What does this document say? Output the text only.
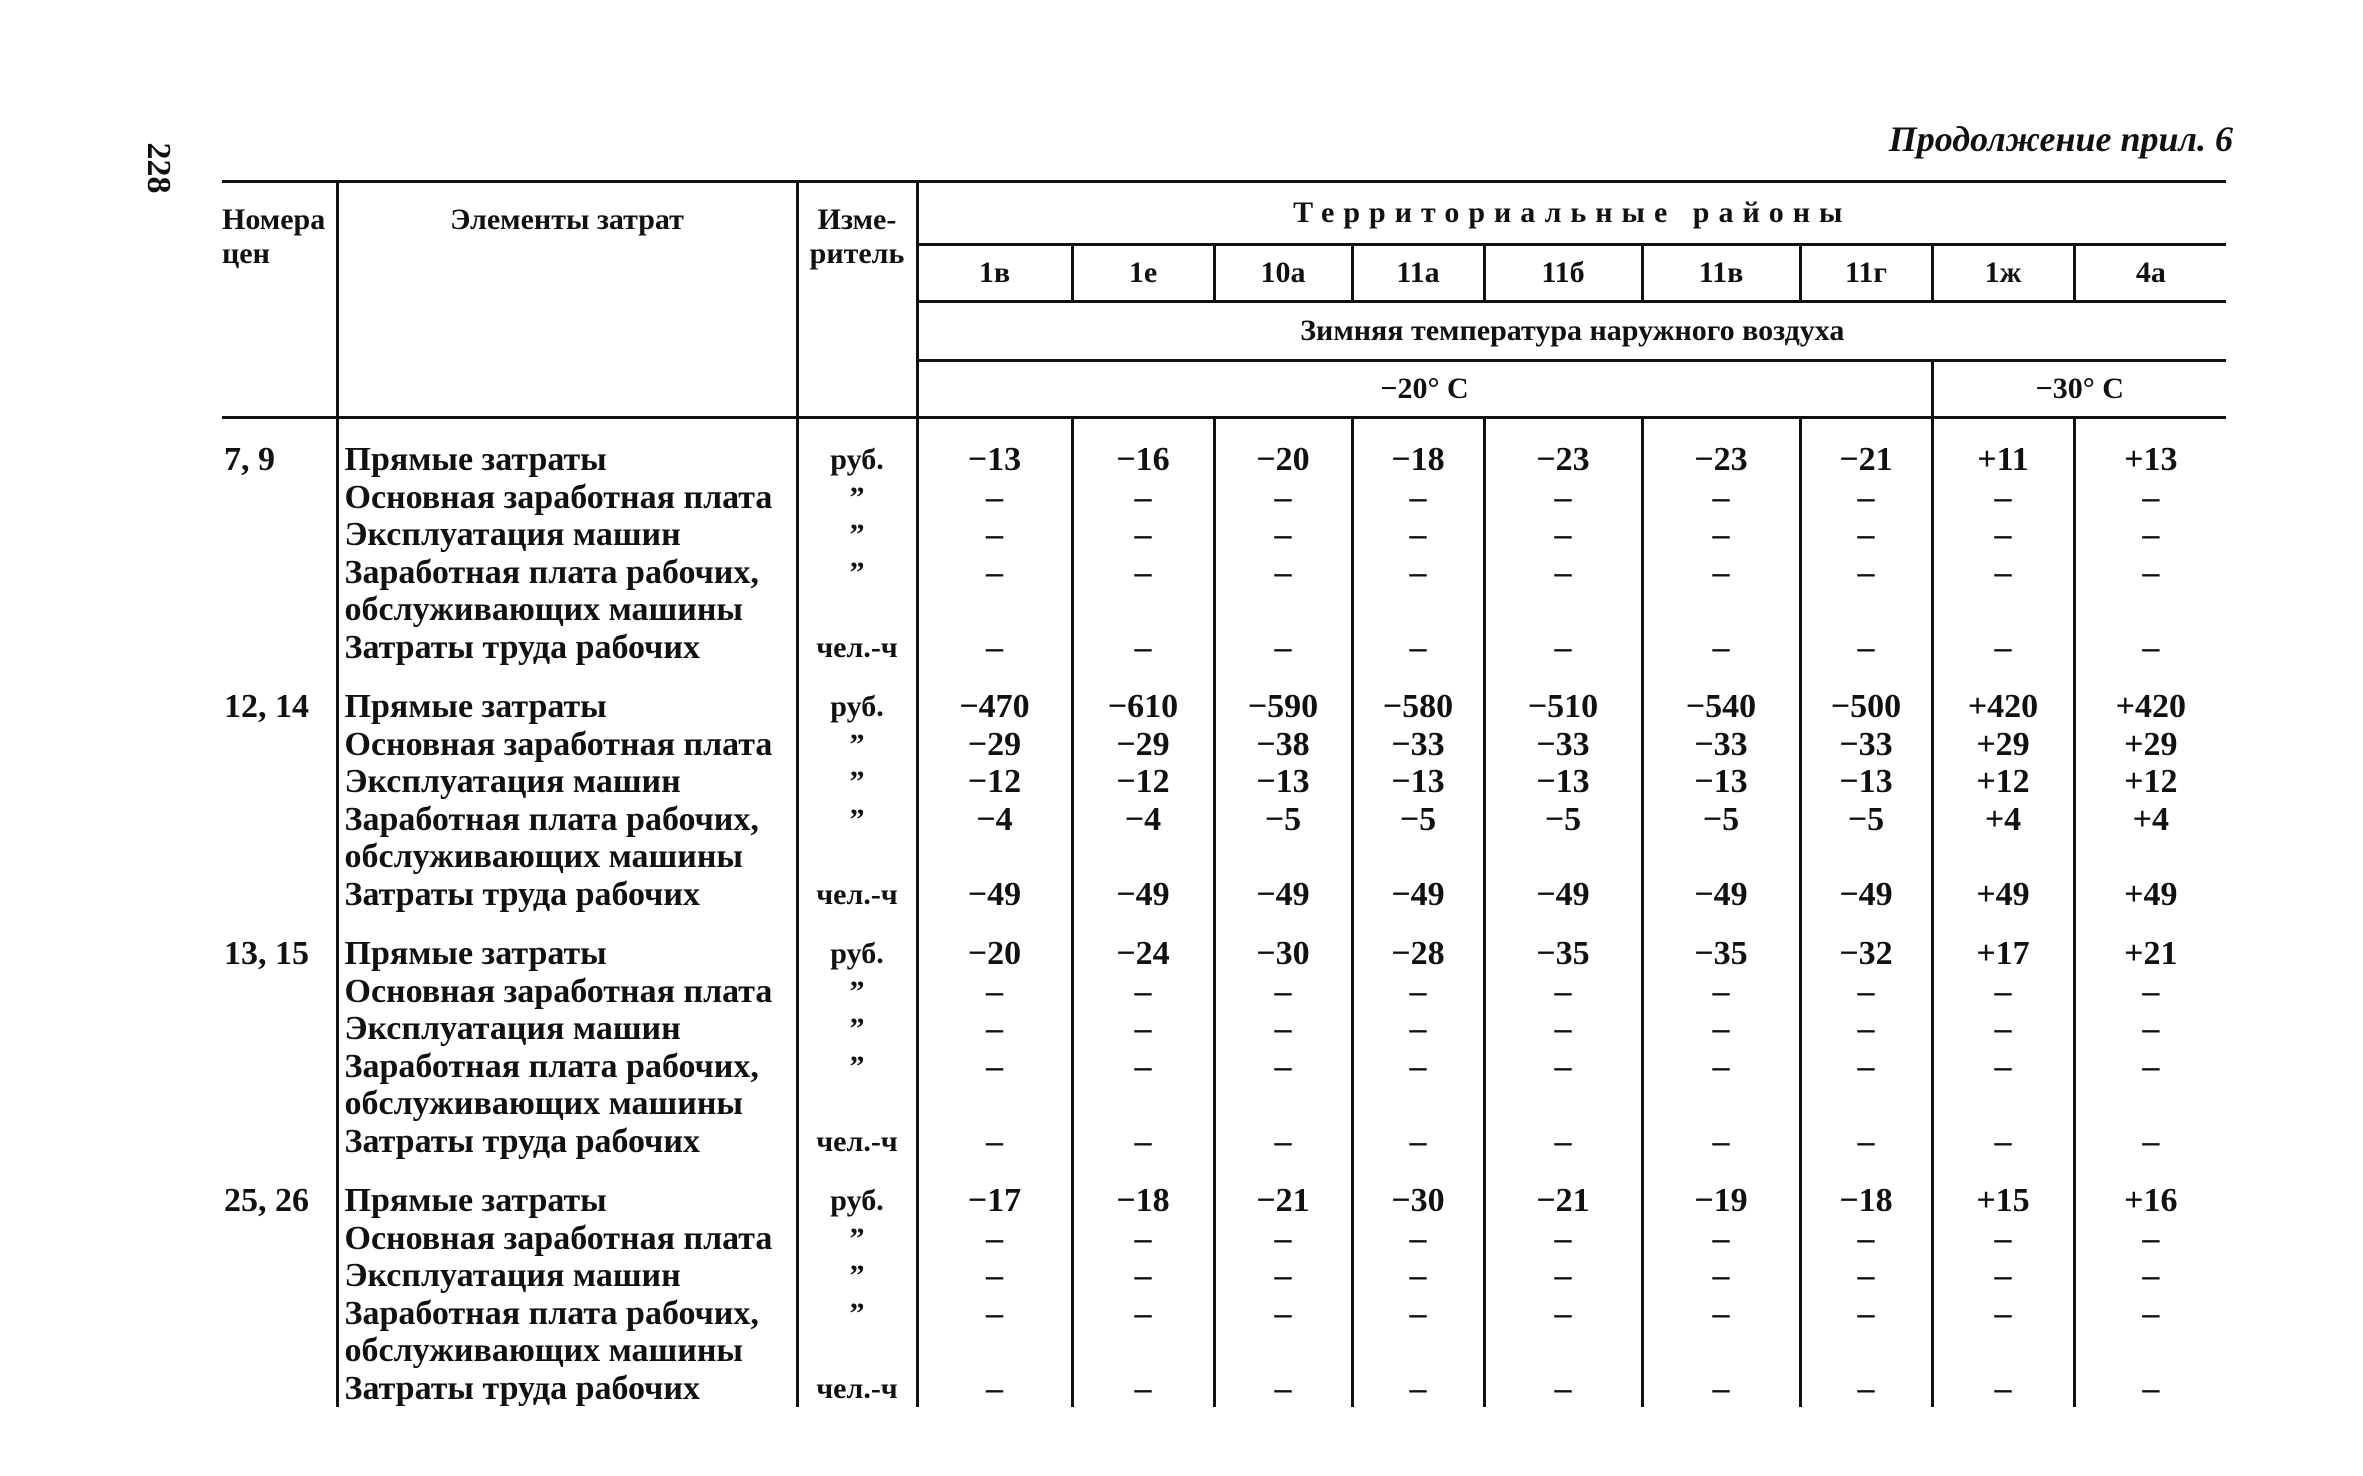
228
Продолжение прил. 6
Номера цен	Элементы затрат	Изме-ритель	Территориальные районы								
			1в	1е	10а	11а	11б	11в	11г	1ж	4а
			Зимняя температура наружного воздуха								
			−20° С							−30° С	
7, 9	Прямые затраты	руб.	−13	−16	−20	−18	−23	−23	−21	+11	+13
	Основная заработная плата	”	–	–	–	–	–	–	–	–	–
	Эксплуатация машин	”	–	–	–	–	–	–	–	–	–
	Заработная плата рабочих,	”	–	–	–	–	–	–	–	–	–
	обслуживающих машины										
	Затраты труда рабочих	чел.-ч	–	–	–	–	–	–	–	–	–
12, 14	Прямые затраты	руб.	−470	−610	−590	−580	−510	−540	−500	+420	+420
	Основная заработная плата	”	−29	−29	−38	−33	−33	−33	−33	+29	+29
	Эксплуатация машин	”	−12	−12	−13	−13	−13	−13	−13	+12	+12
	Заработная плата рабочих,	”	−4	−4	−5	−5	−5	−5	−5	+4	+4
	обслуживающих машины										
	Затраты труда рабочих	чел.-ч	−49	−49	−49	−49	−49	−49	−49	+49	+49
13, 15	Прямые затраты	руб.	−20	−24	−30	−28	−35	−35	−32	+17	+21
	Основная заработная плата	”	–	–	–	–	–	–	–	–	–
	Эксплуатация машин	”	–	–	–	–	–	–	–	–	–
	Заработная плата рабочих,	”	–	–	–	–	–	–	–	–	–
	обслуживающих машины										
	Затраты труда рабочих	чел.-ч	–	–	–	–	–	–	–	–	–
25, 26	Прямые затраты	руб.	−17	−18	−21	−30	−21	−19	−18	+15	+16
	Основная заработная плата	”	–	–	–	–	–	–	–	–	–
	Эксплуатация машин	”	–	–	–	–	–	–	–	–	–
	Заработная плата рабочих,	”	–	–	–	–	–	–	–	–	–
	обслуживающих машины										
	Затраты труда рабочих	чел.-ч	–	–	–	–	–	–	–	–	–
